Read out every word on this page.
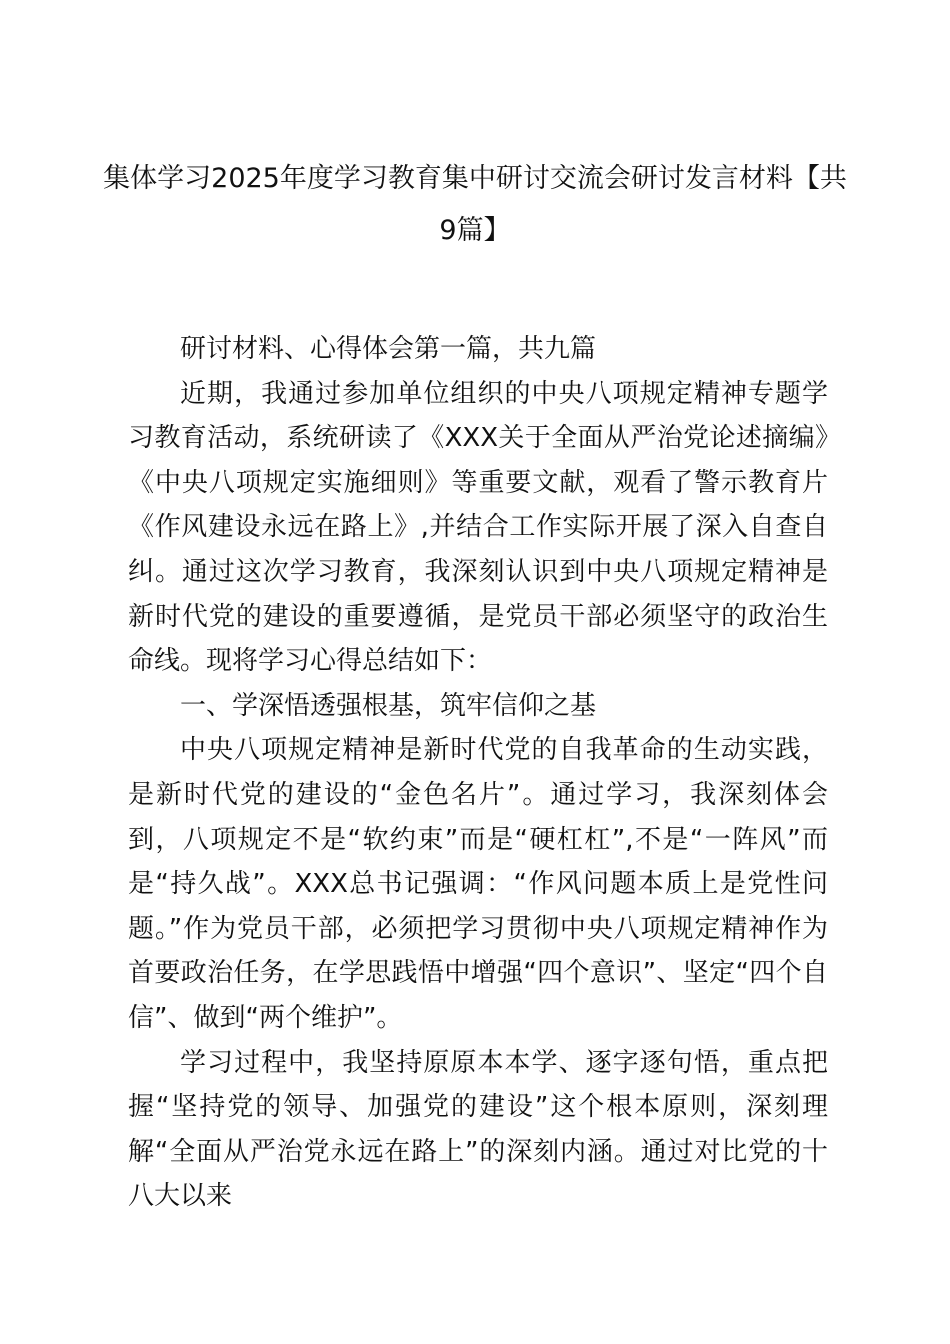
集体学习2025年度学习教育集中研讨交流会研讨发言材料【共9篇】

研讨材料、心得体会第一篇，共九篇

近期，我通过参加单位组织的中央八项规定精神专题学习教育活动，系统研读了《XXX关于全面从严治党论述摘编》《中央八项规定实施细则》等重要文献，观看了警示教育片《作风建设永远在路上》,并结合工作实际开展了深入自查自纠。通过这次学习教育，我深刻认识到中央八项规定精神是新时代党的建设的重要遵循，是党员干部必须坚守的政治生命线。现将学习心得总结如下：

一、学深悟透强根基，筑牢信仰之基

中央八项规定精神是新时代党的自我革命的生动实践，是新时代党的建设的“金色名片”。通过学习，我深刻体会到，八项规定不是“软约束”而是“硬杠杠”,不是“一阵风”而是“持久战”。XXX总书记强调：“作风问题本质上是党性问题。”作为党员干部，必须把学习贯彻中央八项规定精神作为首要政治任务，在学思践悟中增强“四个意识”、坚定“四个自信”、做到“两个维护”。

学习过程中，我坚持原原本本学、逐字逐句悟，重点把握“坚持党的领导、加强党的建设”这个根本原则，深刻理解“全面从严治党永远在路上”的深刻内涵。通过对比党的十八大以来
